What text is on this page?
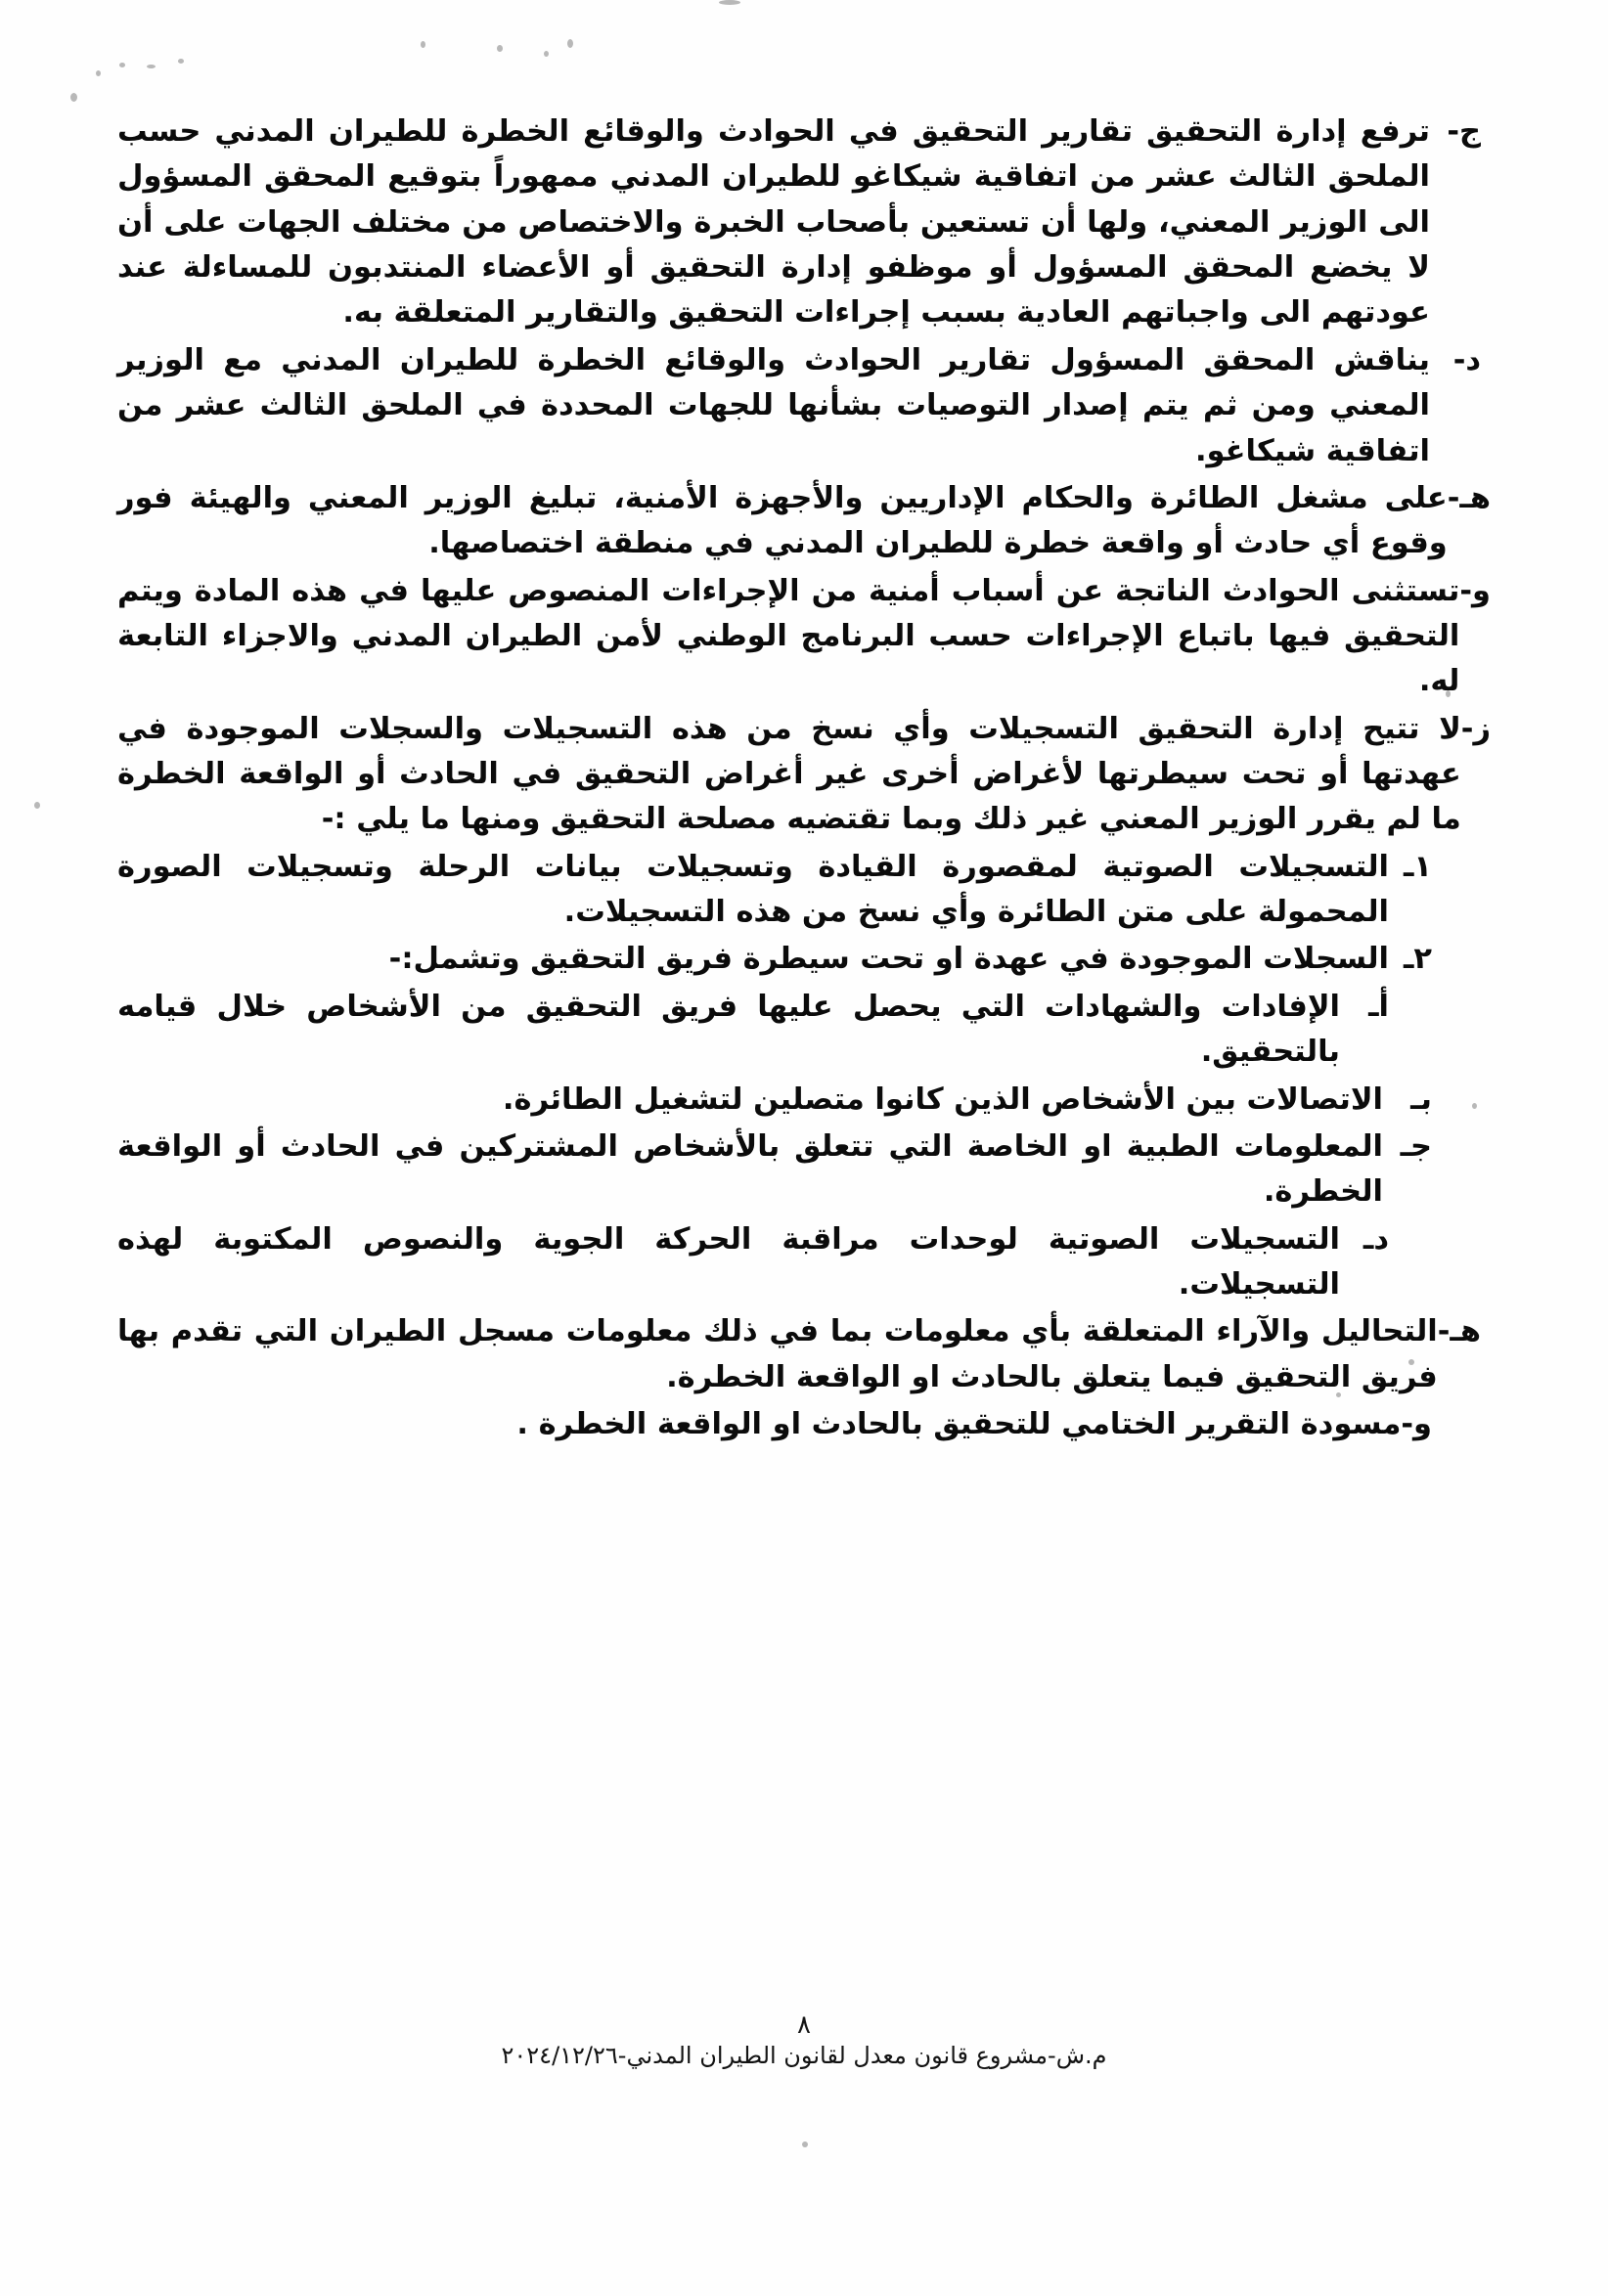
ج-
ترفع إدارة التحقيق تقارير التحقيق في الحوادث والوقائع الخطرة للطيران المدني حسب الملحق الثالث عشر من اتفاقية شيكاغو للطيران المدني ممهوراً بتوقيع المحقق المسؤول الى الوزير المعني، ولها أن تستعين بأصحاب الخبرة والاختصاص من مختلف الجهات على أن لا يخضع المحقق المسؤول أو موظفو إدارة التحقيق أو الأعضاء المنتدبون للمساءلة عند عودتهم الى واجباتهم العادية بسبب إجراءات التحقيق والتقارير المتعلقة به.
د-
يناقش المحقق المسؤول تقارير الحوادث والوقائع الخطرة للطيران المدني مع الوزير المعني ومن ثم يتم إصدار التوصيات بشأنها للجهات المحددة في الملحق الثالث عشر من اتفاقية شيكاغو.
هـ-
على مشغل الطائرة والحكام الإداريين والأجهزة الأمنية، تبليغ الوزير المعني والهيئة فور وقوع أي حادث أو واقعة خطرة للطيران المدني في منطقة اختصاصها.
و-
تستثنى الحوادث الناتجة عن أسباب أمنية من الإجراءات المنصوص عليها في هذه المادة ويتم التحقيق فيها باتباع الإجراءات حسب البرنامج الوطني لأمن الطيران المدني والاجزاء التابعة له.
ز-
لا تتيح إدارة التحقيق التسجيلات وأي نسخ من هذه التسجيلات والسجلات الموجودة في عهدتها أو تحت سيطرتها لأغراض أخرى غير أغراض التحقيق في الحادث أو الواقعة الخطرة ما لم يقرر الوزير المعني غير ذلك وبما تقتضيه مصلحة التحقيق ومنها ما يلي :-
١ـ
التسجيلات الصوتية لمقصورة القيادة وتسجيلات بيانات الرحلة وتسجيلات الصورة المحمولة على متن الطائرة وأي نسخ من هذه التسجيلات.
٢ـ
السجلات الموجودة في عهدة او تحت سيطرة فريق التحقيق وتشمل:-
أـ
الإفادات والشهادات التي يحصل عليها فريق التحقيق من الأشخاص خلال قيامه بالتحقيق.
بـ
الاتصالات بين الأشخاص الذين كانوا متصلين لتشغيل الطائرة.
جـ
المعلومات الطبية او الخاصة التي تتعلق بالأشخاص المشتركين في الحادث أو الواقعة الخطرة.
دـ
التسجيلات الصوتية لوحدات مراقبة الحركة الجوية والنصوص المكتوبة لهذه التسجيلات.
هـ-
التحاليل والآراء المتعلقة بأي معلومات بما في ذلك معلومات مسجل الطيران التي تقدم بها فريق التحقيق فيما يتعلق بالحادث او الواقعة الخطرة.
و-
مسودة التقرير الختامي للتحقيق بالحادث او الواقعة الخطرة .

٨

م.ش-مشروع قانون معدل لقانون الطيران المدني-٢٠٢٤/١٢/٢٦
